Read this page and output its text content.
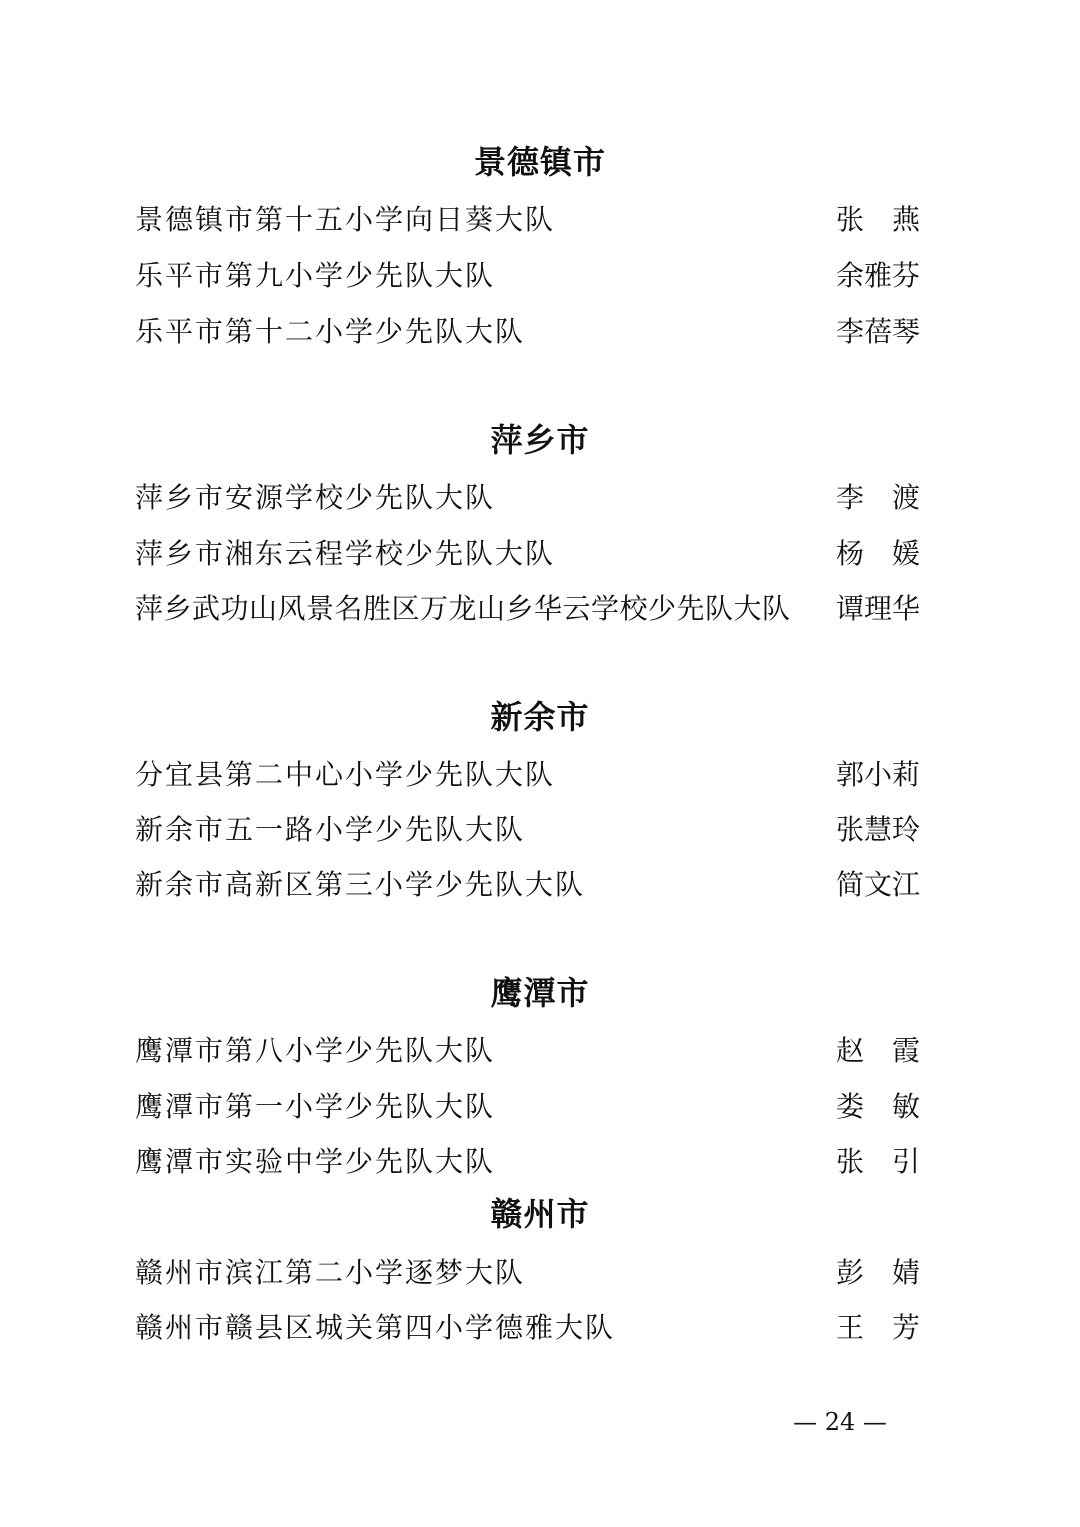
景德镇市
景德镇市第十五小学向日葵大队	张 燕
乐平市第九小学少先队大队	余雅芬
乐平市第十二小学少先队大队	李蓓琴
萍乡市
萍乡市安源学校少先队大队	李 渡
萍乡市湘东云程学校少先队大队	杨 媛
萍乡武功山风景名胜区万龙山乡华云学校少先队大队 谭理华
新余市
分宜县第二中心小学少先队大队	郭小莉
新余市五一路小学少先队大队	张慧玲
新余市高新区第三小学少先队大队	简文江
鹰潭市
鹰潭市第八小学少先队大队	赵 霞
鹰潭市第一小学少先队大队	娄 敏
鹰潭市实验中学少先队大队	张 引
赣州市
赣州市滨江第二小学逐梦大队	彭 婧
赣州市赣县区城关第四小学德雅大队	王 芳
— 24 —
